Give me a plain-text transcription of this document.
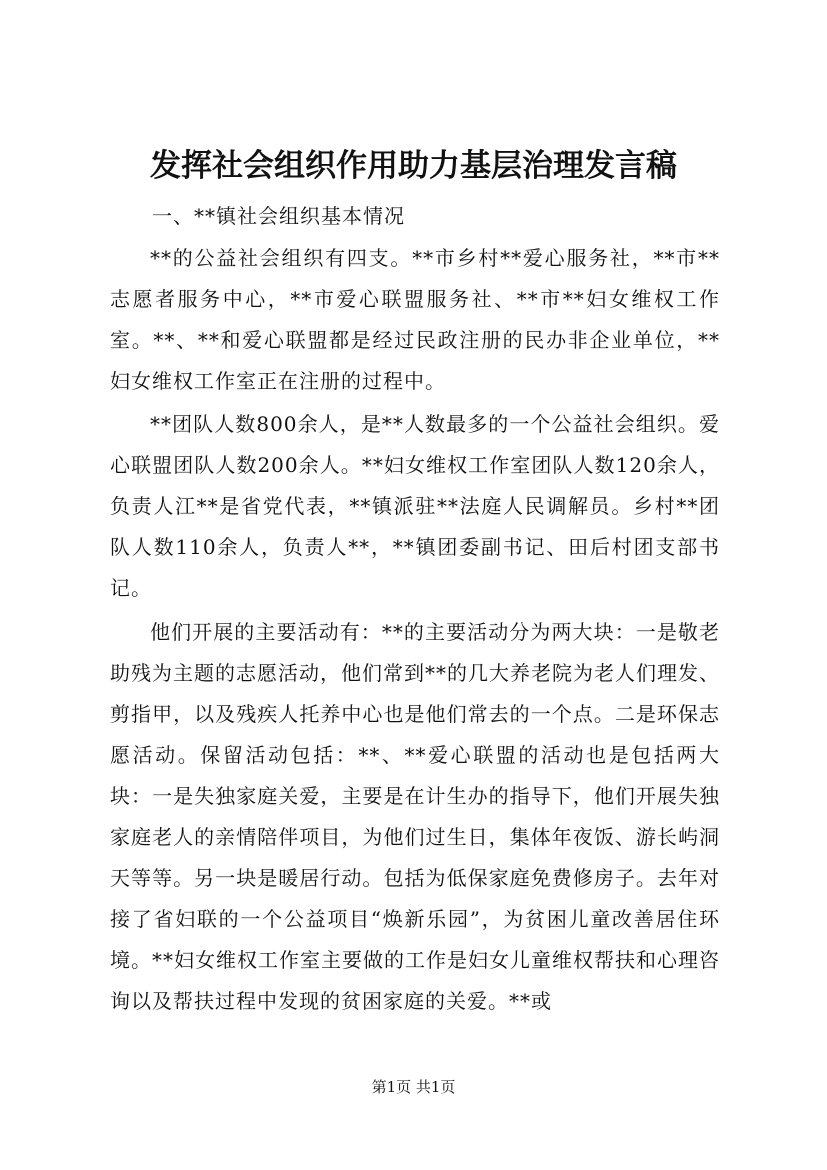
发挥社会组织作用助力基层治理发言稿

一、**镇社会组织基本情况

**的公益社会组织有四支。**市乡村**爱心服务社，**市**志愿者服务中心，**市爱心联盟服务社、**市**妇女维权工作室。**、**和爱心联盟都是经过民政注册的民办非企业单位，**妇女维权工作室正在注册的过程中。

**团队人数800余人，是**人数最多的一个公益社会组织。爱心联盟团队人数200余人。**妇女维权工作室团队人数120余人，负责人江**是省党代表，**镇派驻**法庭人民调解员。乡村**团队人数110余人，负责人**，**镇团委副书记、田后村团支部书记。

他们开展的主要活动有：**的主要活动分为两大块：一是敬老助残为主题的志愿活动，他们常到**的几大养老院为老人们理发、剪指甲，以及残疾人托养中心也是他们常去的一个点。二是环保志愿活动。保留活动包括：**、**爱心联盟的活动也是包括两大块：一是失独家庭关爱，主要是在计生办的指导下，他们开展失独家庭老人的亲情陪伴项目，为他们过生日，集体年夜饭、游长屿洞天等等。另一块是暖居行动。包括为低保家庭免费修房子。去年对接了省妇联的一个公益项目“焕新乐园”，为贫困儿童改善居住环境。**妇女维权工作室主要做的工作是妇女儿童维权帮扶和心理咨询以及帮扶过程中发现的贫困家庭的关爱。**或

第1页 共1页
